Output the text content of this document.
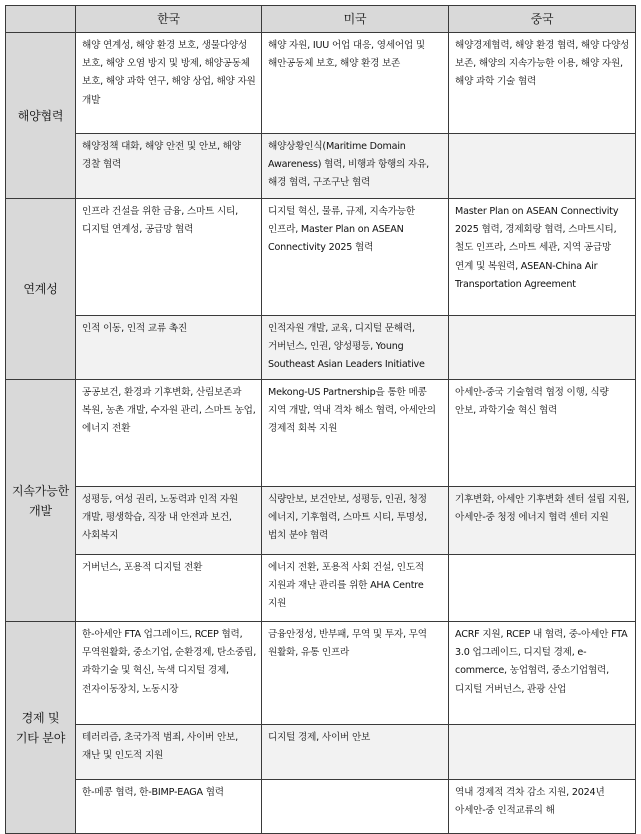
	한국	미국	중국
해양협력	해양 연계성, 해양 환경 보호, 생물다양성 보호, 해양 오염 방지 및 방제, 해양공동체 보호, 해양 과학 연구, 해양 상업, 해양 자원 개발	해양 자원, IUU 어업 대응, 영세어업 및 해안공동체 보호, 해양 환경 보존	해양경제협력, 해양 환경 협력, 해양 다양성 보존, 해양의 지속가능한 이용, 해양 자원, 해양 과학 기술 협력
	해양정책 대화, 해양 안전 및 안보, 해양 경찰 협력	해양상황인식(Maritime Domain Awareness) 협력, 비행과 항행의 자유, 해경 협력, 구조구난 협력	
연계성	인프라 건설을 위한 금융, 스마트 시티, 디지털 연계성, 공급망 협력	디지털 혁신, 물류, 규제, 지속가능한 인프라, Master Plan on ASEAN Connectivity 2025 협력	Master Plan on ASEAN Connectivity 2025 협력, 경제회랑 협력, 스마트시티, 철도 인프라, 스마트 세관, 지역 공급망 연계 및 복원력, ASEAN-China Air Transportation Agreement
	인적 이동, 인적 교류 촉진	인적자원 개발, 교육, 디지털 문해력, 거버넌스, 인권, 양성평등, Young Southeast Asian Leaders Initiative	
지속가능한 개발	공공보건, 환경과 기후변화, 산림보존과 복원, 농촌 개발, 수자원 관리, 스마트 농업, 에너지 전환	Mekong-US Partnership을 통한 메콩 지역 개발, 역내 격차 해소 협력, 아세안의 경제적 회복 지원	아세안-중국 기술협력 협정 이행, 식량 안보, 과학기술 혁신 협력
	성평등, 여성 권리, 노동력과 인적 자원 개발, 평생학습, 직장 내 안전과 보건, 사회복지	식량안보, 보건안보, 성평등, 인권, 청정 에너지, 기후협력, 스마트 시티, 투명성, 법치 분야 협력	기후변화, 아세안 기후변화 센터 설립 지원, 아세안-중 청정 에너지 협력 센터 지원
	거버넌스, 포용적 디지털 전환	에너지 전환, 포용적 사회 건설, 인도적 지원과 재난 관리를 위한 AHA Centre 지원	
경제 및
기타 분야	한-아세안 FTA 업그레이드, RCEP 협력, 무역원활화, 중소기업, 순환경제, 탄소중립, 과학기술 및 혁신, 녹색 디지털 경제, 전자이동장치, 노동시장	금융안정성, 반부패, 무역 및 투자, 무역 원활화, 유통 인프라	ACRF 지원, RCEP 내 협력, 중-아세안 FTA 3.0 업그레이드, 디지털 경제, e-commerce, 농업협력, 중소기업협력, 디지털 거버넌스, 관광 산업
	테러리즘, 초국가적 범죄, 사이버 안보, 재난 및 인도적 지원	디지털 경제, 사이버 안보	
	한-메콩 협력, 한-BIMP-EAGA 협력		역내 경제적 격차 감소 지원, 2024년 아세안-중 인적교류의 해
